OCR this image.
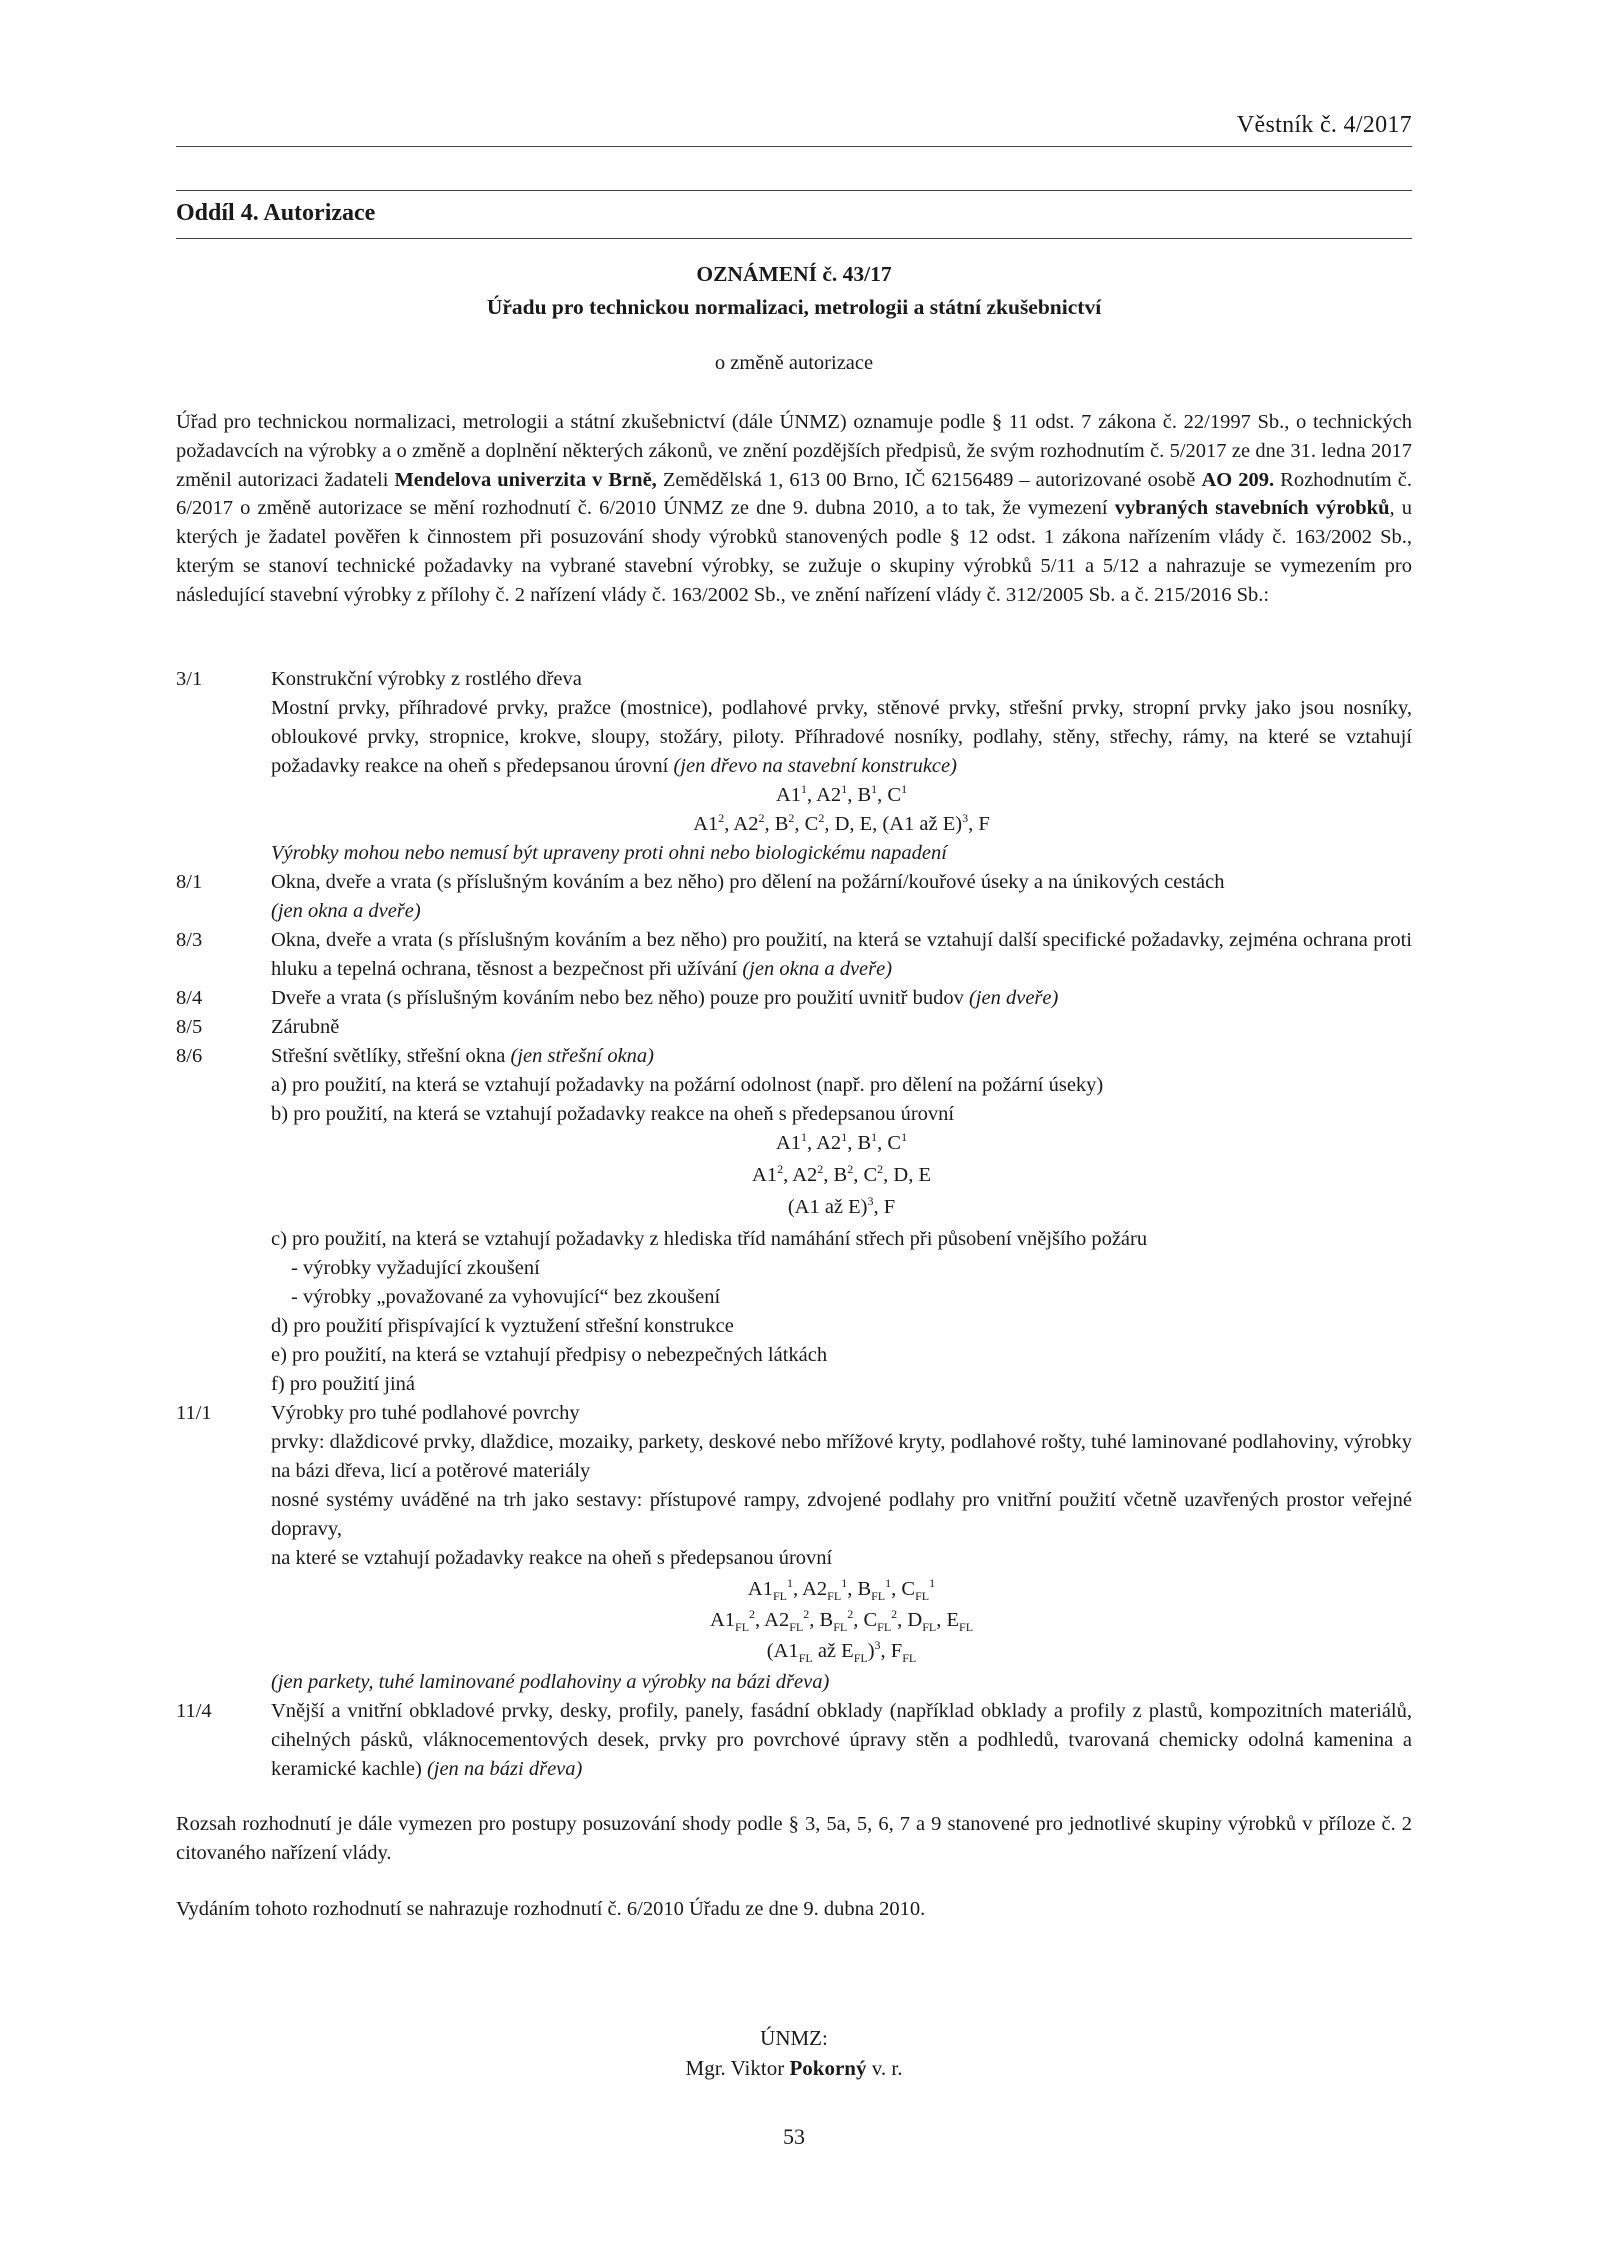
Věstník č. 4/2017
Oddíl 4. Autorizace
OZNÁMENÍ č. 43/17
Úřadu pro technickou normalizaci, metrologii a státní zkušebnictví
o změně autorizace
Úřad pro technickou normalizaci, metrologii a státní zkušebnictví (dále ÚNMZ) oznamuje podle § 11 odst. 7 zákona č. 22/1997 Sb., o technických požadavcích na výrobky a o změně a doplnění některých zákonů, ve znění pozdějších předpisů, že svým rozhodnutím č. 5/2017 ze dne 31. ledna 2017 změnil autorizaci žadateli Mendelova univerzita v Brně, Zemědělská 1, 613 00 Brno, IČ 62156489 – autorizované osobě AO 209. Rozhodnutím č. 6/2017 o změně autorizace se mění rozhodnutí č. 6/2010 ÚNMZ ze dne 9. dubna 2010, a to tak, že vymezení vybraných stavebních výrobků, u kterých je žadatel pověřen k činnostem při posuzování shody výrobků stanovených podle § 12 odst. 1 zákona nařízením vlády č. 163/2002 Sb., kterým se stanoví technické požadavky na vybrané stavební výrobky, se zužuje o skupiny výrobků 5/11 a 5/12 a nahrazuje se vymezením pro následující stavební výrobky z přílohy č. 2 nařízení vlády č. 163/2002 Sb., ve znění nařízení vlády č. 312/2005 Sb. a č. 215/2016 Sb.:
3/1	Konstrukční výrobky z rostlého dřeva
Mostní prvky, příhradové prvky, pražce (mostnice), podlahové prvky, stěnové prvky, střešní prvky, stropní prvky jako jsou nosníky, obloukové prvky, stropnice, krokve, sloupy, stožáry, piloty. Příhradové nosníky, podlahy, stěny, střechy, rámy, na které se vztahují požadavky reakce na oheň s předepsanou úrovní (jen dřevo na stavební konstrukce)
$A1^1$, $A2^1$, $B^1$, $C^1$
$A1^2$, $A2^2$, $B^2$, $C^2$, D, E, (A1 až E)$^3$, F
Výrobky mohou nebo nemusí být upraveny proti ohni nebo biologickému napadení
8/1	Okna, dveře a vrata (s příslušným kováním a bez něho) pro dělení na požární/kouřové úseky a na únikových cestách
(jen okna a dveře)
8/3	Okna, dveře a vrata (s příslušným kováním a bez něho) pro použití, na která se vztahují další specifické požadavky, zejména ochrana proti hluku a tepelná ochrana, těsnost a bezpečnost při užívání (jen okna a dveře)
8/4	Dveře a vrata (s příslušným kováním nebo bez něho) pouze pro použití uvnitř budov (jen dveře)
8/5	Zárubně
8/6	Střešní světlíky, střešní okna (jen střešní okna)
a) pro použití, na která se vztahují požadavky na požární odolnost (např. pro dělení na požární úseky)
b) pro použití, na která se vztahují požadavky reakce na oheň s předepsanou úrovní
$A1^1$, $A2^1$, $B^1$, $C^1$
$A1^2$, $A2^2$, $B^2$, $C^2$, D, E
(A1 až E)$^3$, F
c) pro použití, na která se vztahují požadavky z hlediska tříd namáhání střech při působení vnějšího požáru
- výrobky vyžadující zkoušení
- výrobky „považované za vyhovující“ bez zkoušení
d) pro použití přispívající k vyztužení střešní konstrukce
e) pro použití, na která se vztahují předpisy o nebezpečných látkách
f) pro použití jiná
11/1	Výrobky pro tuhé podlahové povrchy
prvky: dlaždicové prvky, dlaždice, mozaiky, parkety, deskové nebo mřížové kryty, podlahové rošty, tuhé laminované podlahoviny, výrobky na bázi dřeva, licí a potěrové materiály
nosné systémy uváděné na trh jako sestavy: přístupové rampy, zdvojené podlahy pro vnitřní použití včetně uzavřených prostor veřejné dopravy,
na které se vztahují požadavky reakce na oheň s předepsanou úrovní
$A1_{FL}^1$, $A2_{FL}^1$, $B_{FL}^1$, $C_{FL}^1$
$A1_{FL}^2$, $A2_{FL}^2$, $B_{FL}^2$, $C_{FL}^2$, $D_{FL}$, $E_{FL}$
($A1_{FL}$ až $E_{FL})^3$, $F_{FL}$
(jen parkety, tuhé laminované podlahoviny a výrobky na bázi dřeva)
11/4	Vnější a vnitřní obkladové prvky, desky, profily, panely, fasádní obklady (například obklady a profily z plastů, kompozitních materiálů, cihelných pásků, vláknocementových desek, prvky pro povrchové úpravy stěn a podhledů, tvarovaná chemicky odolná kamenina a keramické kachle) (jen na bázi dřeva)
Rozsah rozhodnutí je dále vymezen pro postupy posuzování shody podle § 3, 5a, 5, 6, 7 a 9 stanovené pro jednotlivé skupiny výrobků v příloze č. 2 citovaného nařízení vlády.
Vydáním tohoto rozhodnutí se nahrazuje rozhodnutí č. 6/2010 Úřadu ze dne 9. dubna 2010.
ÚNMZ:
Mgr. Viktor Pokorný v. r.
53
